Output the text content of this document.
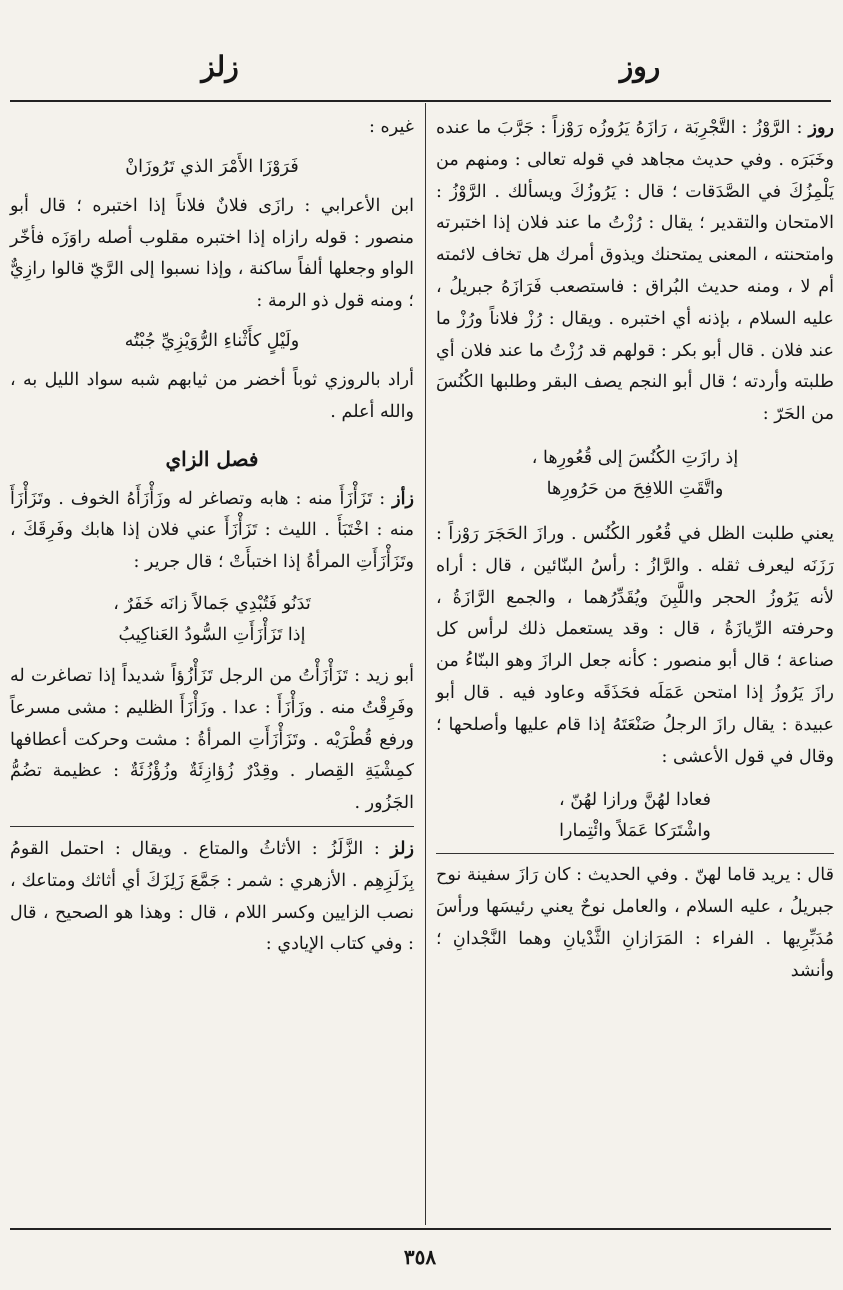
روز
زلز

روز : الرَّوْزُ : التَّجْرِبَة ، رَازَهُ يَرُوزُه رَوْزاً : جَرَّبَ ما عنده وخَبَرَه . وفي حديث مجاهد في قوله تعالى : ومنهم من يَلْمِزُكَ في الصَّدَقات ؛ قال : يَرُوزُكَ ويسألك . الرَّوْزُ : الامتحان والتقدير ؛ يقال : رُزْتُ ما عند فلان إذا اختبرته وامتحنته ، المعنى يمتحنك ويذوق أمرك هل تخاف لائمته أم لا ، ومنه حديث البُراق : فاستصعب فَرَازَهُ جبريلُ ، عليه السلام ، بإذنه أي اختبره . ويقال : رُزْ فلاناً ورُزْ ما عند فلان . قال أبو بكر : قولهم قد رُزْتُ ما عند فلان أي طلبته وأردته ؛ قال أبو النجم يصف البقر وطلبها الكُنُسَ من الحَرّ :

إذ رازَتِ الكُنُسَ إلى قُعُورِها ،

واتَّقَتِ اللافِحَ من حَرُورِها

يعني طلبت الظل في قُعُور الكُنُس . ورازَ الحَجَرَ رَوْزاً : رَزَنَه ليعرف ثقله . والرَّازُ : رأسُ البنّائين ، قال : أراه لأنه يَرُوزُ الحجر واللَّبِنَ ويُقَدِّرُهما ، والجمع الرَّازَةُ ، وحرفته الرِّيازَةُ ، قال : وقد يستعمل ذلك لرأس كل صناعة ؛ قال أبو منصور : كأنه جعل الرازَ وهو البنّاءُ من رازَ يَرُوزُ إذا امتحن عَمَلَه فحَذَقَه وعاود فيه . قال أبو عبيدة : يقال رازَ الرجلُ صَنْعَتَهُ إذا قام عليها وأصلحها ؛ وقال في قول الأعشى :

فعادا لهُنَّ ورازا لهُنّ ،

واشْتَرَكا عَمَلاً وائْتِمارا

قال : يريد قاما لهنّ . وفي الحديث : كان رَازَ سفينة نوح جبريلُ ، عليه السلام ، والعامل نوحٌ يعني رئيسَها ورأسَ مُدَبِّرِيها . الفراء : المَرَازانِ الثَّدْيانِ وهما النَّجْدانِ ؛ وأنشد

غيره :

فَرَوْزَا الأَمْرَ الذي تَرُوزَانْ

ابن الأعرابي : رازَى فلانٌ فلاناً إذا اختبره ؛ قال أبو منصور : قوله رازاه إذا اختبره مقلوب أصله راوَزَه فأخّر الواو وجعلها ألفاً ساكنة ، وإذا نسبوا إلى الرَّيّ قالوا رازِيٌّ ؛ ومنه قول ذو الرمة :

ولَيْلٍ كأَثْناءِ الرُّوَيْزِيِّ جُبْتُه

أراد بالروزي ثوباً أخضر من ثيابهم شبه سواد الليل به ، والله أعلم .

فصل الزاي

زأز : تَزَأْزَأَ منه : هابه وتصاغر له وزَأْزَأَهُ الخوف . وتَزَأْزَأَ منه : اخْتَبَأَ . الليث : تَزَأْزَأَ عني فلان إذا هابك وفَرِقَكَ ، وتَزَأْزَأَتِ المرأةُ إذا اختبأَتْ ؛ قال جرير :

تَدَنُو فَتُبْدِي جَمالاً زانَه خَفَرٌ ،

إذا تَزَأْزَأَتِ السُّودُ العَناكِيبُ

أبو زيد : تَزَأْزَأْتُ من الرجل تَزَأْزُؤاً شديداً إذا تصاغرت له وفَرِقْتُ منه . وزَأْزَأَ : عدا . وزَأْزَأَ الظليم : مشى مسرعاً ورفع قُطْرَيْه . وتَزَأْزَأَتِ المرأةُ : مشت وحركت أعطافها كمِشْيَةِ القِصار . وقِدْرٌ زُؤازِئَةٌ وزُؤْزُئَةٌ : عظيمة تضُمُّ الجَزُور .

زلز : الزَّلَزُ : الأثاثُ والمتاع . ويقال : احتمل القومُ بِزَلَزِهِم . الأزهري : شمر : جَمَّعَ زَلِزَكَ أي أثاثك ومتاعك ، نصب الزايين وكسر اللام ، قال : وهذا هو الصحيح ، قال : وفي كتاب الإيادي :

٣٥٨
